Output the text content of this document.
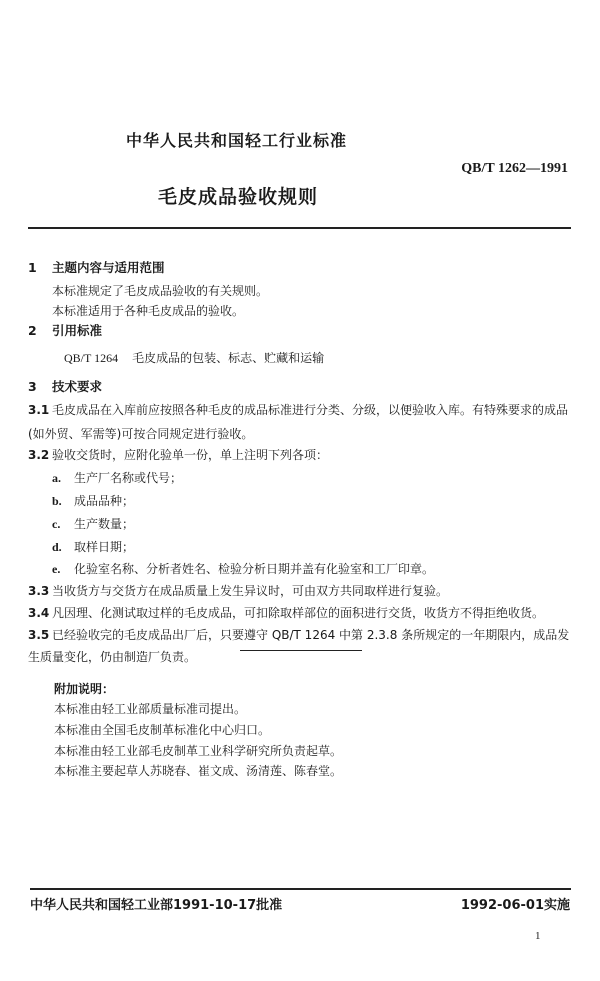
中华人民共和国轻工行业标准
QB/T 1262—1991
毛皮成品验收规则
1 主题内容与适用范围
本标准规定了毛皮成品验收的有关规则。
本标准适用于各种毛皮成品的验收。
2 引用标准
QB/T 1264 毛皮成品的包装、标志、贮藏和运输
3 技术要求
3.1 毛皮成品在入库前应按照各种毛皮的成品标准进行分类、分级，以便验收入库。有特殊要求的成品
(如外贸、军需等)可按合同规定进行验收。
3.2 验收交货时，应附化验单一份，单上注明下列各项：
a. 生产厂名称或代号；
b. 成品品种；
c. 生产数量；
d. 取样日期；
e. 化验室名称、分析者姓名、检验分析日期并盖有化验室和工厂印章。
3.3 当收货方与交货方在成品质量上发生异议时，可由双方共同取样进行复验。
3.4 凡因理、化测试取过样的毛皮成品，可扣除取样部位的面积进行交货，收货方不得拒绝收货。
3.5 已经验收完的毛皮成品出厂后，只要遵守 QB/T 1264 中第 2.3.8 条所规定的一年期限内，成品发
生质量变化，仍由制造厂负责。
附加说明：
本标准由轻工业部质量标准司提出。
本标准由全国毛皮制革标准化中心归口。
本标准由轻工业部毛皮制革工业科学研究所负责起草。
本标准主要起草人苏晓春、崔文成、汤清莲、陈春堂。
中华人民共和国轻工业部1991-10-17批准	1992-06-01实施
1
